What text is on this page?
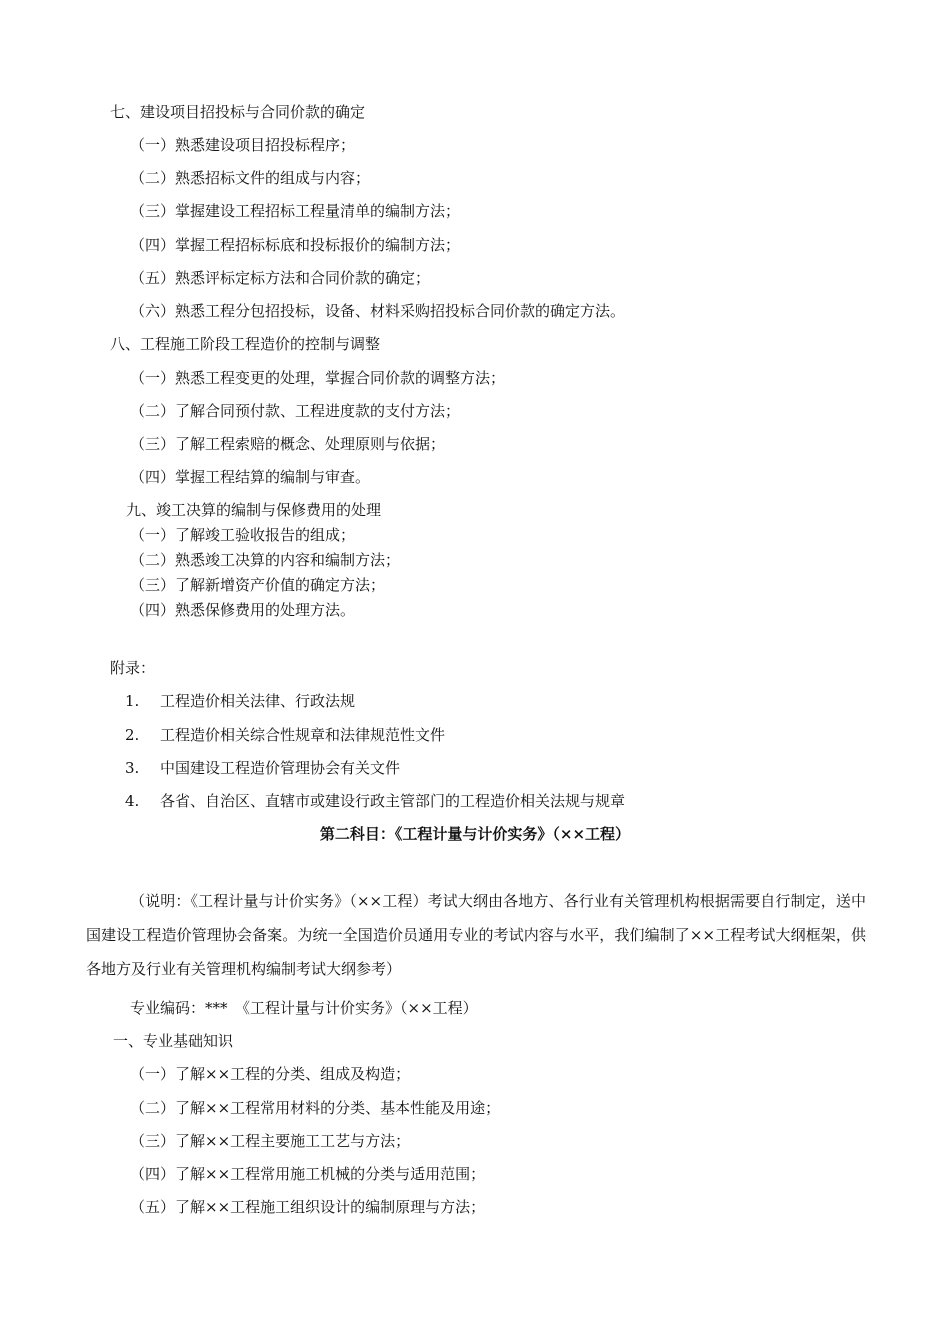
七、建设项目招投标与合同价款的确定
（一）熟悉建设项目招投标程序；
（二）熟悉招标文件的组成与内容；
（三）掌握建设工程招标工程量清单的编制方法；
（四）掌握工程招标标底和投标报价的编制方法；
（五）熟悉评标定标方法和合同价款的确定；
（六）熟悉工程分包招投标，设备、材料采购招投标合同价款的确定方法。
八、工程施工阶段工程造价的控制与调整
（一）熟悉工程变更的处理，掌握合同价款的调整方法；
（二）了解合同预付款、工程进度款的支付方法；
（三）了解工程索赔的概念、处理原则与依据；
（四）掌握工程结算的编制与审查。
九、竣工决算的编制与保修费用的处理
（一）了解竣工验收报告的组成；
（二）熟悉竣工决算的内容和编制方法；
（三）了解新增资产价值的确定方法；
（四）熟悉保修费用的处理方法。
附录：
1. 工程造价相关法律、行政法规
2. 工程造价相关综合性规章和法律规范性文件
3. 中国建设工程造价管理协会有关文件
4. 各省、自治区、直辖市或建设行政主管部门的工程造价相关法规与规章
第二科目：《工程计量与计价实务》（××工程）
（说明：《工程计量与计价实务》（××工程）考试大纲由各地方、各行业有关管理机构根据需要自行制定，送中国建设工程造价管理协会备案。为统一全国造价员通用专业的考试内容与水平，我们编制了××工程考试大纲框架，供各地方及行业有关管理机构编制考试大纲参考）
专业编码：***　《工程计量与计价实务》（××工程）
一、专业基础知识
（一）了解××工程的分类、组成及构造；
（二）了解××工程常用材料的分类、基本性能及用途；
（三）了解××工程主要施工工艺与方法；
（四）了解××工程常用施工机械的分类与适用范围；
（五）了解××工程施工组织设计的编制原理与方法；
